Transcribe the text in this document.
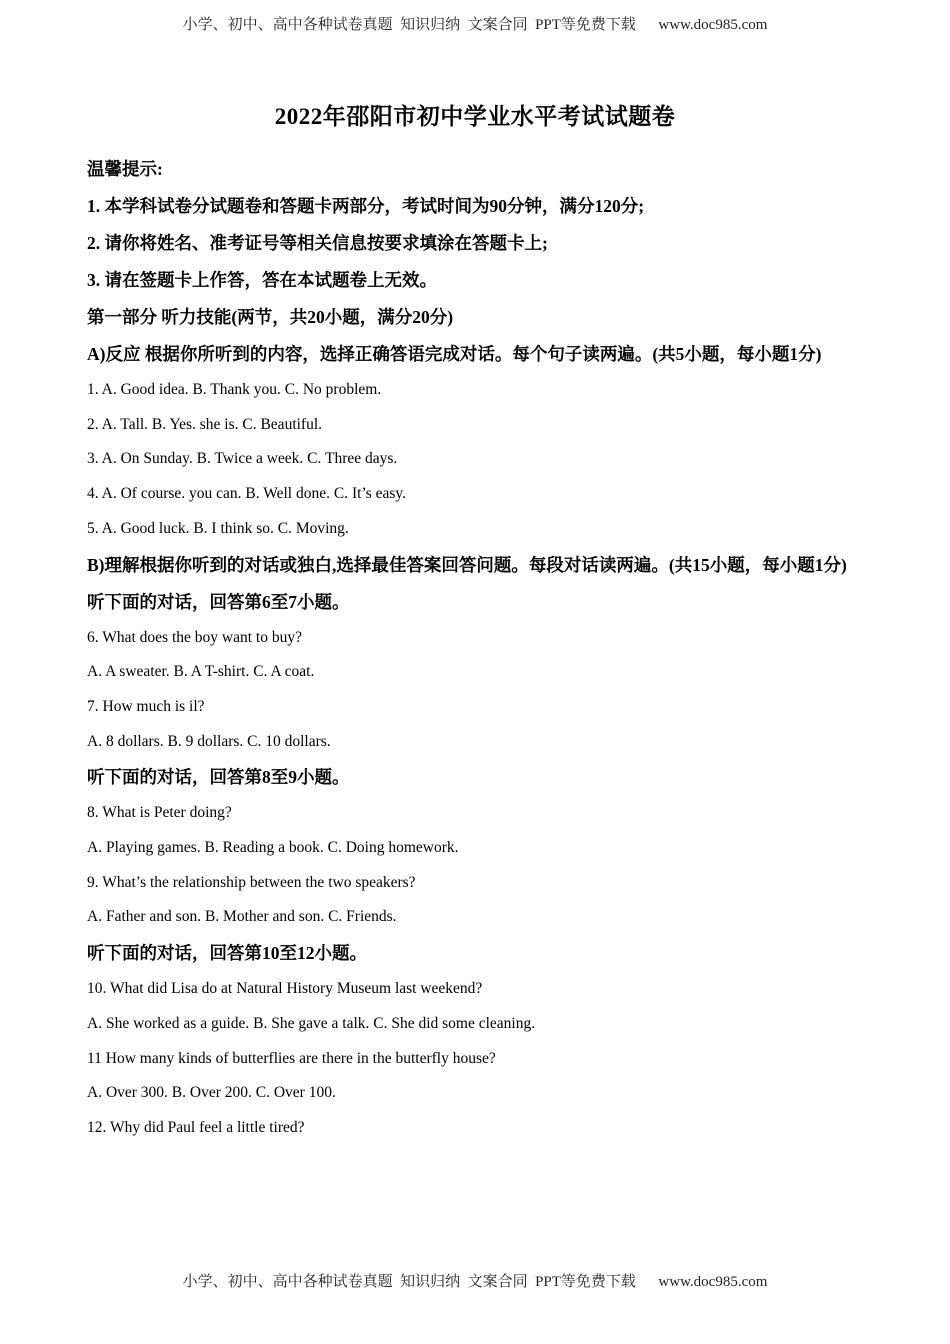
小学、初中、高中各种试卷真题  知识归纳  文案合同  PPT等免费下载      www.doc985.com
2022年邵阳市初中学业水平考试试题卷

温馨提示:

1. 本学科试卷分试题卷和答题卡两部分，考试时间为90分钟，满分120分;

2. 请你将姓名、准考证号等相关信息按要求填涂在答题卡上;

3. 请在签题卡上作答，答在本试题卷上无效。

第一部分 听力技能(两节，共20小题，满分20分)

A)反应 根据你所听到的内容，选择正确答语完成对话。每个句子读两遍。(共5小题，每小题1分)

1. A. Good idea. B. Thank you. C. No problem.

2. A. Tall. B. Yes. she is. C. Beautiful.

3. A. On Sunday. B. Twice a week. C. Three days.

4. A. Of course. you can. B. Well done. C. It’s easy.

5. A. Good luck. B. I think so. C. Moving.

B)理解根据你听到的对话或独白,选择最佳答案回答问题。每段对话读两遍。(共15小题，每小题1分)

听下面的对话，回答第6至7小题。

6. What does the boy want to buy?

A. A sweater. B. A T-shirt. C. A coat.

7. How much is il?

A. 8 dollars. B. 9 dollars. C. 10 dollars.

听下面的对话，回答第8至9小题。

8. What is Peter doing?

A. Playing games. B. Reading a book. C. Doing homework.

9. What’s the relationship between the two speakers?

A. Father and son. B. Mother and son. C. Friends.

听下面的对话，回答第10至12小题。

10. What did Lisa do at Natural History Museum last weekend?

A. She worked as a guide. B. She gave a talk. C. She did some cleaning.

11 How many kinds of butterflies are there in the butterfly house?

A. Over 300. B. Over 200. C. Over 100.

12. Why did Paul feel a little tired?

小学、初中、高中各种试卷真题  知识归纳  文案合同  PPT等免费下载      www.doc985.com
